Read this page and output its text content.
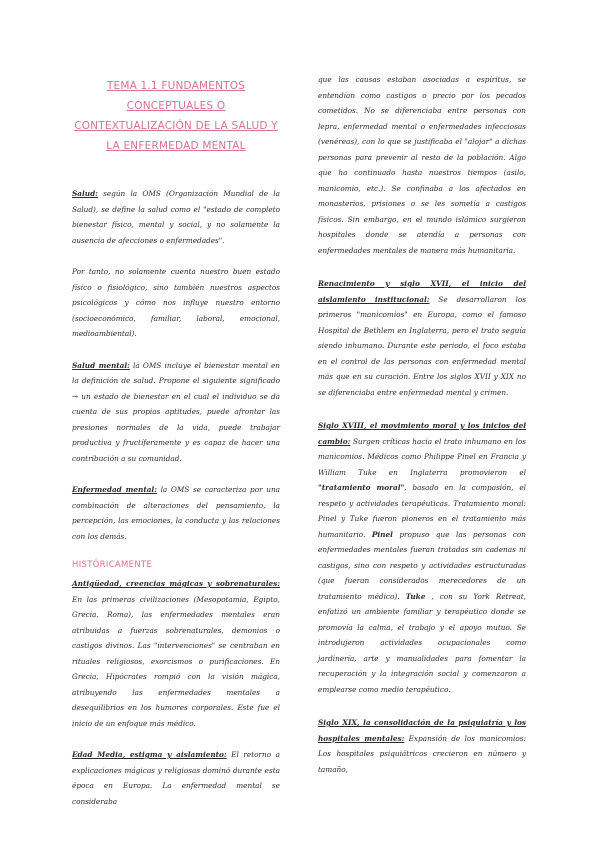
TEMA 1.1 FUNDAMENTOS CONCEPTUALES O CONTEXTUALIZACIÓN DE LA SALUD Y LA ENFERMEDAD MENTAL

Salud: según la OMS (Organización Mundial de la Salud), se define la salud como el "estado de completo bienestar físico, mental y social, y no solamente la ausencia de afecciones o enfermedades".

Por tanto, no solamente cuenta nuestro buen estado físico o fisiológico, sino también nuestros aspectos psicológicos y cómo nos influye nuestro entorno (socioeconómico, familiar, laboral, emocional, medioambiental).

Salud mental: la OMS incluye el bienestar mental en la definición de salud. Propone el siguiente significado → un estado de bienestar en el cual el individuo se da cuenta de sus propias aptitudes, puede afrontar las presiones normales de la vida, puede trabajar productiva y fructíferamente y es capaz de hacer una contribución a su comunidad.

Enfermedad mental: la OMS se caracteriza por una combinación de alteraciones del pensamiento, la percepción, las emociones, la conducta y las relaciones con los demás.

HISTÓRICAMENTE

Antigüedad, creencias mágicas y sobrenaturales: En las primeras civilizaciones (Mesopotamia, Egipto, Grecia, Roma), las enfermedades mentales eran atribuidas a fuerzas sobrenaturales, demonios o castigos divinos. Las "intervenciones" se centraban en rituales religiosos, exorcismos o purificaciones. En Grecia, Hipócrates rompió con la visión mágica, atribuyendo las enfermedades mentales a desequilibrios en los humores corporales. Este fue el inicio de un enfoque más médico.

Edad Media, estigma y aislamiento: El retorno a explicaciones mágicas y religiosas dominó durante esta época en Europa. La enfermedad mental se consideraba

que las causas estaban asociadas a espíritus, se entendían como castigos o precio por los pecados cometidos. No se diferenciaba entre personas con lepra, enfermedad mental o enfermedades infecciosas (venéreas), con lo que se justificaba el "alojar" a dichas personas para prevenir al resto de la población. Algo que ha continuado hasta nuestros tiempos (asilo, manicomio, etc.). Se confinaba a los afectados en monasterios, prisiones o se les sometía a castigos físicos. Sin embargo, en el mundo islámico surgieron hospitales donde se atendía a personas con enfermedades mentales de manera más humanitaria.

Renacimiento y siglo XVII, el inicio del aislamiento institucional: Se desarrollaron los primeros "manicomios" en Europa, como el famoso Hospital de Bethlem en Inglaterra, pero el trato seguía siendo inhumano. Durante este periodo, el foco estaba en el control de las personas con enfermedad mental más que en su curación. Entre los siglos XVII y XIX no se diferenciaba entre enfermedad mental y crimen.

Siglo XVIII, el movimiento moral y los inicios del cambio: Surgen críticas hacia el trato inhumano en los manicomios. Médicos como Philippe Pinel en Francia y William Tuke en Inglaterra promovieron el "tratamiento moral", basado en la compasión, el respeto y actividades terapéuticas. Tratamiento moral: Pinel y Tuke fueron pioneros en el tratamiento más humanitario. Pinel propuso que las personas con enfermedades mentales fueran tratadas sin cadenas ni castigos, sino con respeto y actividades estructuradas (que fueran considerados merecedores de un tratamiento médico). Tuke , con su York Retreat, enfatizó un ambiente familiar y terapéutico donde se promovía la calma, el trabajo y el apoyo mutuo. Se introdujeron actividades ocupacionales como jardinería, arte y manualidades para fomentar la recuperación y la integración social y comenzaron a emplearse como medio terapéutico.

Siglo XIX, la consolidación de la psiquiatría y los hospitales mentales: Expansión de los manicomios: Los hospitales psiquiátricos crecieron en número y tamaño,
